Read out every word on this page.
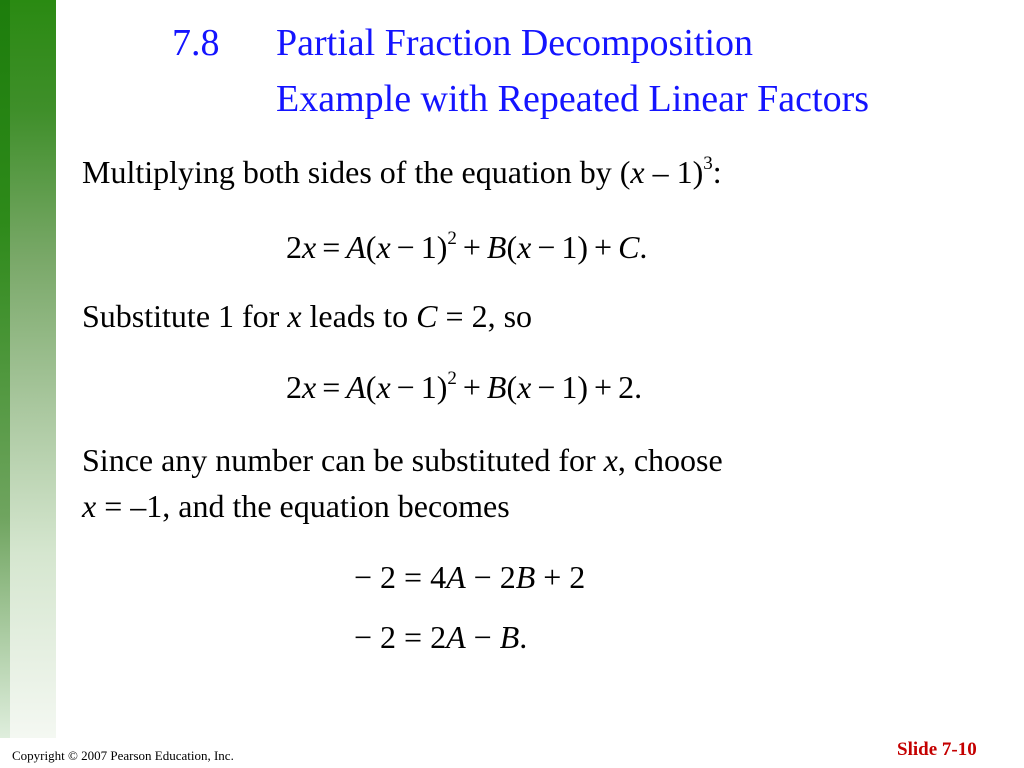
7.8 Partial Fraction Decomposition
Example with Repeated Linear Factors
Multiplying both sides of the equation by (x – 1)$^3$:
$2x = A(x - 1)^2 + B(x - 1) + C$.
Substitute 1 for x leads to C = 2, so
$2x = A(x - 1)^2 + B(x - 1) + 2$.
Since any number can be substituted for x, choose
x = –1, and the equation becomes
− 2 = 4A − 2B + 2
− 2 = 2A − B.
Copyright © 2007 Pearson Education, Inc.	Slide 7-10
